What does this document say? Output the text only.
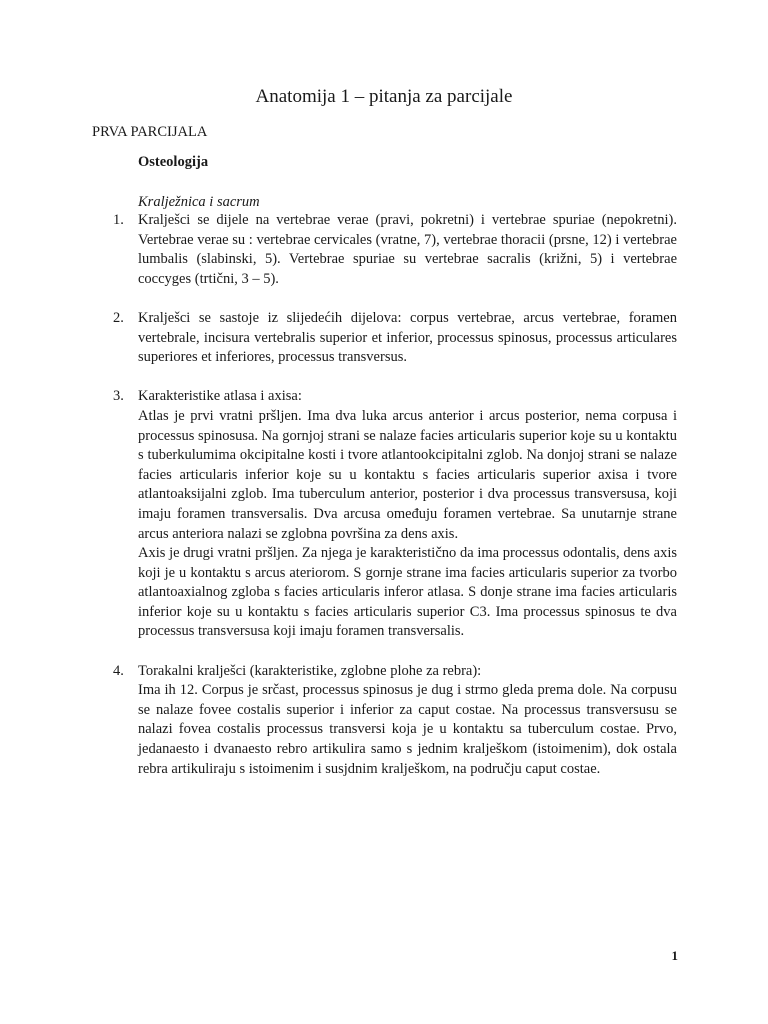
Anatomija 1 – pitanja za parcijale
PRVA PARCIJALA
Osteologija
Kralježnica i sacrum
1. Kralješci se dijele na vertebrae verae (pravi, pokretni) i vertebrae spuriae (nepokretni). Vertebrae verae su : vertebrae cervicales (vratne, 7), vertebrae thoracii (prsne, 12) i vertebrae lumbalis (slabinski, 5). Vertebrae spuriae su vertebrae sacralis (križni, 5) i vertebrae coccyges (trtični, 3 – 5).
2. Kralješci se sastoje iz slijedećih dijelova: corpus vertebrae, arcus vertebrae, foramen vertebrale, incisura vertebralis superior et inferior, processus spinosus, processus articulares superiores et inferiores, processus transversus.
3. Karakteristike atlasa i axisa:

Atlas je prvi vratni pršljen. Ima dva luka arcus anterior i arcus posterior, nema corpusa i processus spinosusa. Na gornjoj strani se nalaze facies articularis superior koje su u kontaktu s tuberkulumima okcipitalne kosti i tvore atlantookcipitalni zglob. Na donjoj strani se nalaze facies articularis inferior koje su u kontaktu s facies articularis superior axisa i tvore atlantoaksijalni zglob. Ima tuberculum anterior, posterior i dva processus transversusa, koji imaju foramen transversalis. Dva arcusa omeđuju foramen vertebrae. Sa unutarnje strane arcus anteriora nalazi se zglobna površina za dens axis.

Axis je drugi vratni pršljen. Za njega je karakteristično da ima processus odontalis, dens axis koji je u kontaktu s arcus ateriorom. S gornje strane ima facies articularis superior za tvorbo atlantoaxialnog zgloba s facies articularis inferor atlasa. S donje strane ima facies articularis inferior koje su u kontaktu s facies articularis superior C3. Ima processus spinosus te dva processus transversusa koji imaju foramen transversalis.

4. Torakalni kralješci (karakteristike, zglobne plohe za rebra):

Ima ih 12. Corpus je srčast, processus spinosus je dug i strmo gleda prema dole. Na corpusu se nalaze fovee costalis superior i inferior za caput costae. Na processus transversusu se nalazi fovea costalis processus transversi koja je u kontaktu sa tuberculum costae. Prvo, jedanaesto i dvanaesto rebro artikulira samo s jednim kralješkom (istoimenim), dok ostala rebra artikuliraju s istoimenim i susjdnim kralješkom, na području caput costae.

1
